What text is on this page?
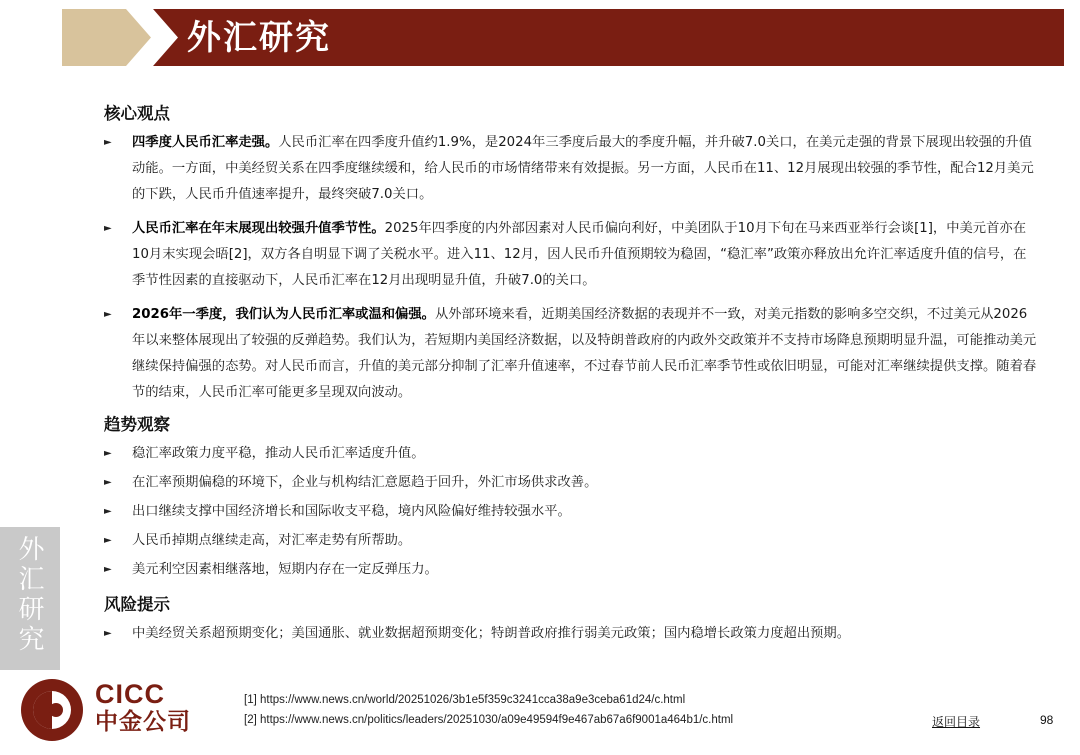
外汇研究
外汇研究
核心观点
► 四季度人民币汇率走强。人民币汇率在四季度升值约1.9%，是2024年三季度后最大的季度升幅，并升破7.0关口，在美元走强的背景下展现出较强的升值动能。一方面，中美经贸关系在四季度继续缓和，给人民币的市场情绪带来有效提振。另一方面，人民币在11、12月展现出较强的季节性，配合12月美元的下跌，人民币升值速率提升，最终突破7.0关口。
► 人民币汇率在年末展现出较强升值季节性。2025年四季度的内外部因素对人民币偏向利好，中美团队于10月下旬在马来西亚举行会谈[1]，中美元首亦在10月末实现会晤[2]，双方各自明显下调了关税水平。进入11、12月，因人民币升值预期较为稳固，“稳汇率”政策亦释放出允许汇率适度升值的信号，在季节性因素的直接驱动下，人民币汇率在12月出现明显升值，升破7.0的关口。
► 2026年一季度，我们认为人民币汇率或温和偏强。从外部环境来看，近期美国经济数据的表现并不一致，对美元指数的影响多空交织，不过美元从2026年以来整体展现出了较强的反弹趋势。我们认为，若短期内美国经济数据，以及特朗普政府的内政外交政策并不支持市场降息预期明显升温，可能推动美元继续保持偏强的态势。对人民币而言，升值的美元部分抑制了汇率升值速率，不过春节前人民币汇率季节性或依旧明显，可能对汇率继续提供支撑。随着春节的结束，人民币汇率可能更多呈现双向波动。
趋势观察
► 稳汇率政策力度平稳，推动人民币汇率适度升值。
► 在汇率预期偏稳的环境下，企业与机构结汇意愿趋于回升，外汇市场供求改善。
► 出口继续支撑中国经济增长和国际收支平稳，境内风险偏好维持较强水平。
► 人民币掉期点继续走高，对汇率走势有所帮助。
► 美元利空因素相继落地，短期内存在一定反弹压力。
风险提示
► 中美经贸关系超预期变化；美国通胀、就业数据超预期变化；特朗普政府推行弱美元政策；国内稳增长政策力度超出预期。
CICC
中金公司
[1] https://www.news.cn/world/20251026/3b1e5f359c3241cca38a9e3ceba61d24/c.html
[2] https://www.news.cn/politics/leaders/20251030/a09e49594f9e467ab67a6f9001a464b1/c.html	返回目录	98
